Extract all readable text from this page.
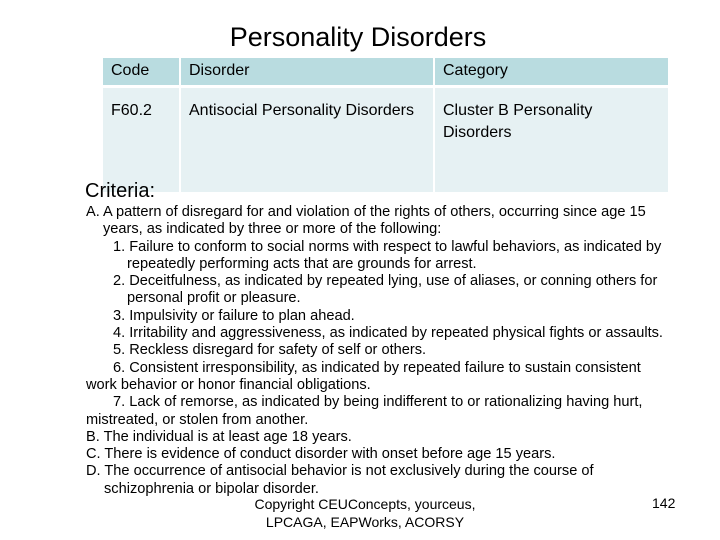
Personality Disorders
Code	Disorder	Category
F60.2	Antisocial Personality Disorders	Cluster B Personality Disorders
Criteria:

A. A pattern of disregard for and violation of the rights of others, occurring since age 15 years, as indicated by three or more of the following:

1. Failure to conform to social norms with respect to lawful behaviors, as indicated by repeatedly performing acts that are grounds for arrest.

2. Deceitfulness, as indicated by repeated lying, use of aliases, or conning others for personal profit or pleasure.

3. Impulsivity or failure to plan ahead.

4. Irritability and aggressiveness, as indicated by repeated physical fights or assaults.

5. Reckless disregard for safety of self or others.

6. Consistent irresponsibility, as indicated by repeated failure to sustain consistent work behavior or honor financial obligations.

7. Lack of remorse, as indicated by being indifferent to or rationalizing having hurt, mistreated, or stolen from another.

B. The individual is at least age 18 years.

C. There is evidence of conduct disorder with onset before age 15 years.

D. The occurrence of antisocial behavior is not exclusively during the course of schizophrenia or bipolar disorder.

Copyright CEUConcepts, yourceus, LPCAGA, EAPWorks, ACORSY
142
